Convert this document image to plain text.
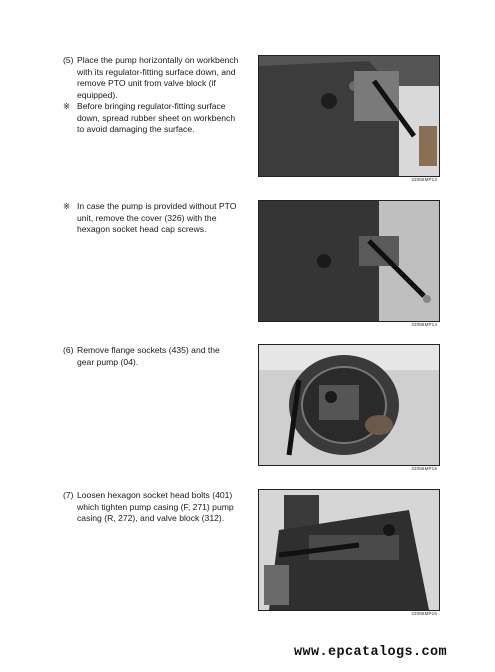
(5) Place the pump horizontally on workbench with its regulator-fitting surface down, and remove PTO unit from valve block (if equipped).

※ Before bringing regulator-fitting surface down, spread rubber sheet on workbench to avoid damaging the surface.

22058MP13

※ In case the pump is provided without PTO unit, remove the cover (326) with the hexagon socket head cap screws.

22058MP14

(6) Remove flange sockets (435) and the gear pump (04).

22058MP15

(7) Loosen hexagon socket head bolts (401) which tighten pump casing (F, 271) pump casing (R, 272), and valve block (312).

22058MP16
www.epcatalogs.com
